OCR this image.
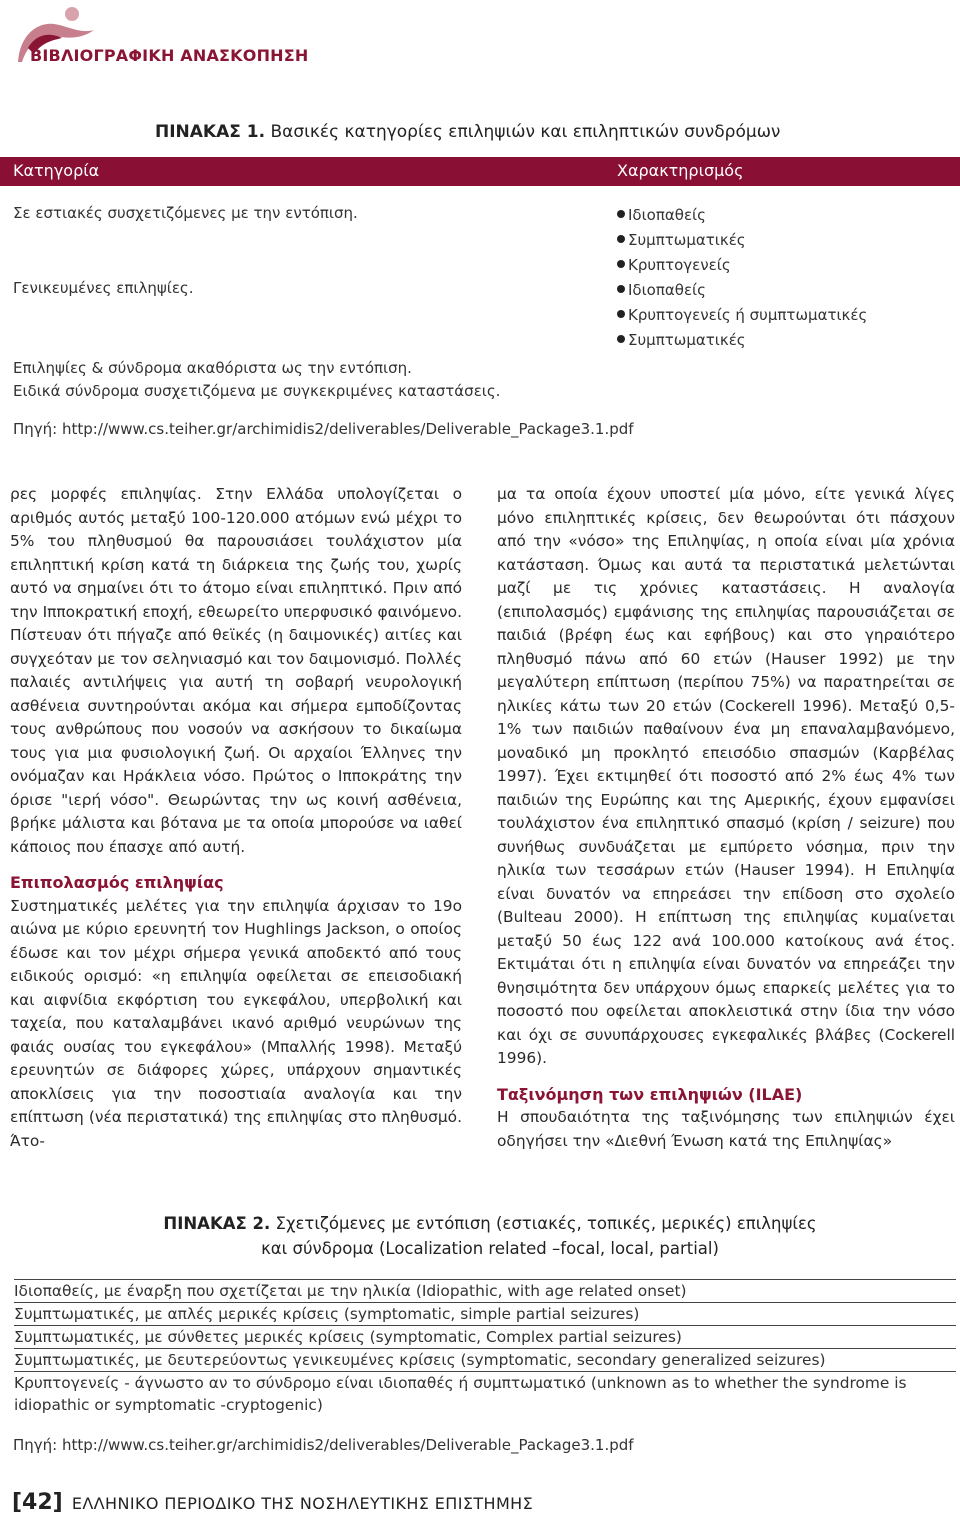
ΒΙΒΛΙΟΓΡΑΦΙΚΗ ΑΝΑΣΚΟΠΗΣΗ
ΠΙΝΑΚΑΣ 1. Βασικές κατηγορίες επιληψιών και επιληπτικών συνδρόμων
Κατηγορία	Χαρακτηρισμός
Σε εστιακές συσχετιζόμενες με την εντόπιση.
Γενικευμένες επιληψίες.
Επιληψίες & σύνδρομα ακαθόριστα ως την εντόπιση.
Ειδικά σύνδρομα συσχετιζόμενα με συγκεκριμένες καταστάσεις.
Ιδιοπαθείς
Συμπτωματικές
Κρυπτογενείς
Ιδιοπαθείς
Κρυπτογενείς ή συμπτωματικές
Συμπτωματικές
Πηγή: http://www.cs.teiher.gr/archimidis2/deliverables/Deliverable_Package3.1.pdf

ρες μορφές επιληψίας. Στην Ελλάδα υπολογίζεται ο αριθμός αυτός μεταξύ 100-120.000 ατόμων ενώ μέχρι το 5% του πληθυσμού θα παρουσιάσει τουλάχιστον μία επιληπτική κρίση κατά τη διάρκεια της ζωής του, χωρίς αυτό να σημαίνει ότι το άτομο είναι επιληπτικό. Πριν από την Ιπποκρατική εποχή, εθεωρείτο υπερφυσικό φαινόμενο. Πίστευαν ότι πήγαζε από θεϊκές (η δαιμονικές) αιτίες και συγχεόταν με τον σεληνιασμό και τον δαιμονισμό. Πολλές παλαιές αντιλήψεις για αυτή τη σοβαρή νευρολογική ασθένεια συντηρούνται ακόμα και σήμερα εμποδίζοντας τους ανθρώπους που νοσούν να ασκήσουν το δικαίωμα τους για μια φυσιολογική ζωή. Οι αρχαίοι Έλληνες την ονόμαζαν και Ηράκλεια νόσο. Πρώτος ο Ιπποκράτης την όρισε "ιερή νόσο". Θεωρώντας την ως κοινή ασθένεια, βρήκε μάλιστα και βότανα με τα οποία μπορούσε να ιαθεί κάποιος που έπασχε από αυτή.

Επιπολασμός επιληψίας

Συστηματικές μελέτες για την επιληψία άρχισαν το 19ο αιώνα με κύριο ερευνητή τον Hughlings Jackson, ο οποίος έδωσε και τον μέχρι σήμερα γενικά αποδεκτό από τους ειδικούς ορισμό: «η επιληψία οφείλεται σε επεισοδιακή και αιφνίδια εκφόρτιση του εγκεφάλου, υπερβολική και ταχεία, που καταλαμβάνει ικανό αριθμό νευρώνων της φαιάς ουσίας του εγκεφάλου» (Μπαλλής 1998). Μεταξύ ερευνητών σε διάφορες χώρες, υπάρχουν σημαντικές αποκλίσεις για την ποσοστιαία αναλογία και την επίπτωση (νέα περιστατικά) της επιληψίας στο πληθυσμό. Άτο-

μα τα οποία έχουν υποστεί μία μόνο, είτε γενικά λίγες μόνο επιληπτικές κρίσεις, δεν θεωρούνται ότι πάσχουν από την «νόσο» της Επιληψίας, η οποία είναι μία χρόνια κατάσταση. Όμως και αυτά τα περιστατικά μελετώνται μαζί με τις χρόνιες καταστάσεις. Η αναλογία (επιπολασμός) εμφάνισης της επιληψίας παρουσιάζεται σε παιδιά (βρέφη έως και εφήβους) και στο γηραιότερο πληθυσμό πάνω από 60 ετών (Hauser 1992) με την μεγαλύτερη επίπτωση (περίπου 75%) να παρατηρείται σε ηλικίες κάτω των 20 ετών (Cockerell 1996). Μεταξύ 0,5-1% των παιδιών παθαίνουν ένα μη επαναλαμβανόμενο, μοναδικό μη προκλητό επεισόδιο σπασμών (Καρβέλας 1997). Έχει εκτιμηθεί ότι ποσοστό από 2% έως 4% των παιδιών της Ευρώπης και της Αμερικής, έχουν εμφανίσει τουλάχιστον ένα επιληπτικό σπασμό (κρίση / seizure) που συνήθως συνδυάζεται με εμπύρετο νόσημα, πριν την ηλικία των τεσσάρων ετών (Hauser 1994). Η Επιληψία είναι δυνατόν να επηρεάσει την επίδοση στο σχολείο (Bulteau 2000). Η επίπτωση της επιληψίας κυμαίνεται μεταξύ 50 έως 122 ανά 100.000 κατοίκους ανά έτος. Εκτιμάται ότι η επιληψία είναι δυνατόν να επηρεάζει την θνησιμότητα δεν υπάρχουν όμως επαρκείς μελέτες για το ποσοστό που οφείλεται αποκλειστικά στην ίδια την νόσο και όχι σε συνυπάρχουσες εγκεφαλικές βλάβες (Cockerell 1996).

Ταξινόμηση των επιληψιών (ILAE)

Η σπουδαιότητα της ταξινόμησης των επιληψιών έχει οδηγήσει την «Διεθνή Ένωση κατά της Επιληψίας»

ΠΙΝΑΚΑΣ 2. Σχετιζόμενες με εντόπιση (εστιακές, τοπικές, μερικές) επιληψίες
και σύνδρομα (Localization related –focal, local, partial)
Ιδιοπαθείς, με έναρξη που σχετίζεται με την ηλικία (Idiopathic, with age related onset)
Συμπτωματικές, με απλές μερικές κρίσεις (symptomatic, simple partial seizures)
Συμπτωματικές, με σύνθετες μερικές κρίσεις (symptomatic, Complex partial seizures)
Συμπτωματικές, με δευτερεύοντως γενικευμένες κρίσεις (symptomatic, secondary generalized seizures)
Κρυπτογενείς - άγνωστο αν το σύνδρομο είναι ιδιοπαθές ή συμπτωματικό (unknown as to whether the syndrome is idiopathic or symptomatic -cryptogenic)
Πηγή: http://www.cs.teiher.gr/archimidis2/deliverables/Deliverable_Package3.1.pdf
[42] ΕΛΛΗΝΙΚΟ ΠΕΡΙΟΔΙΚΟ ΤΗΣ ΝΟΣΗΛΕΥΤΙΚΗΣ ΕΠΙΣΤΗΜΗΣ
